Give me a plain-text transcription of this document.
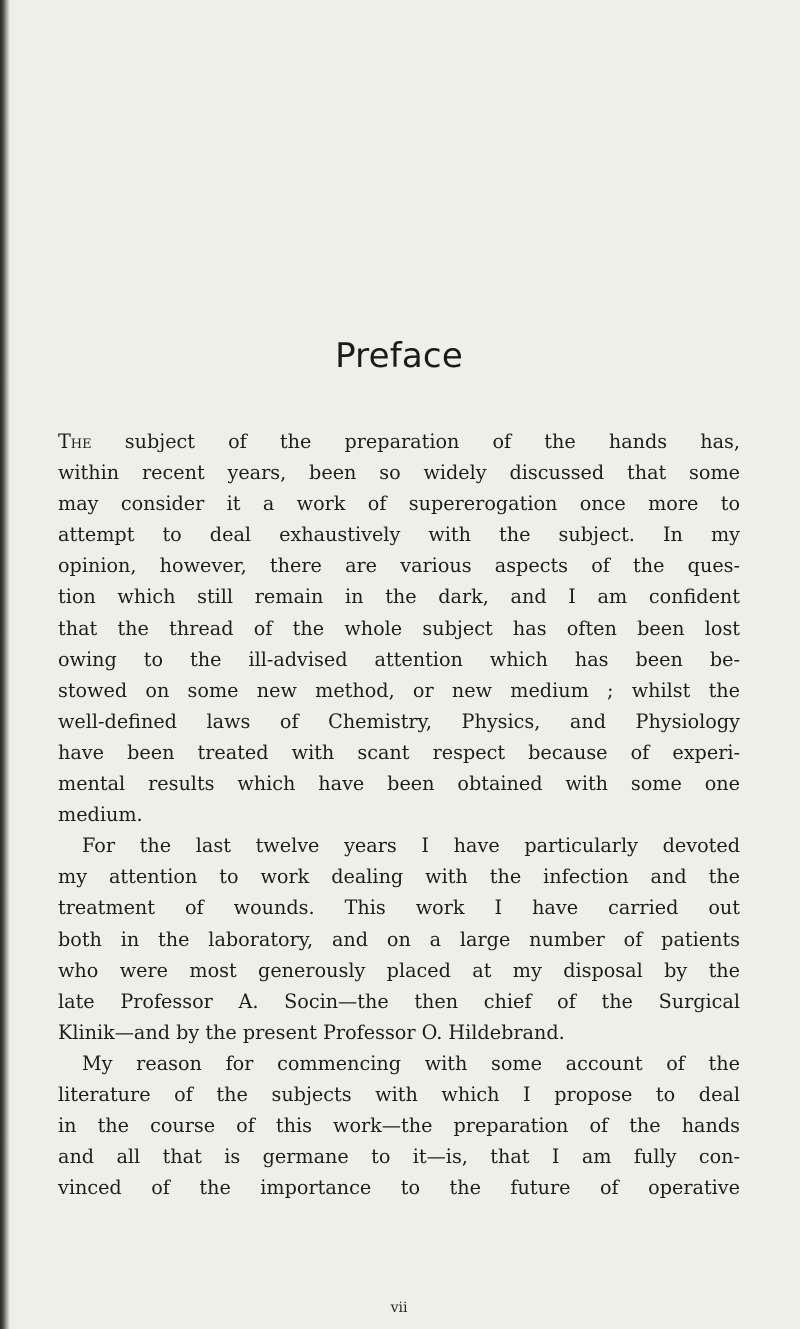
Preface
The subject of the preparation of the hands has,
within recent years, been so widely discussed that some
may consider it a work of supererogation once more to
attempt to deal exhaustively with the subject. In my
opinion, however, there are various aspects of the ques-
tion which still remain in the dark, and I am confident
that the thread of the whole subject has often been lost
owing to the ill-advised attention which has been be-
stowed on some new method, or new medium ; whilst the
well-defined laws of Chemistry, Physics, and Physiology
have been treated with scant respect because of experi-
mental results which have been obtained with some one
medium.
For the last twelve years I have particularly devoted
my attention to work dealing with the infection and the
treatment of wounds. This work I have carried out
both in the laboratory, and on a large number of patients
who were most generously placed at my disposal by the
late Professor A. Socin—the then chief of the Surgical
Klinik—and by the present Professor O. Hildebrand.
My reason for commencing with some account of the
literature of the subjects with which I propose to deal
in the course of this work—the preparation of the hands
and all that is germane to it—is, that I am fully con-
vinced of the importance to the future of operative
vii
